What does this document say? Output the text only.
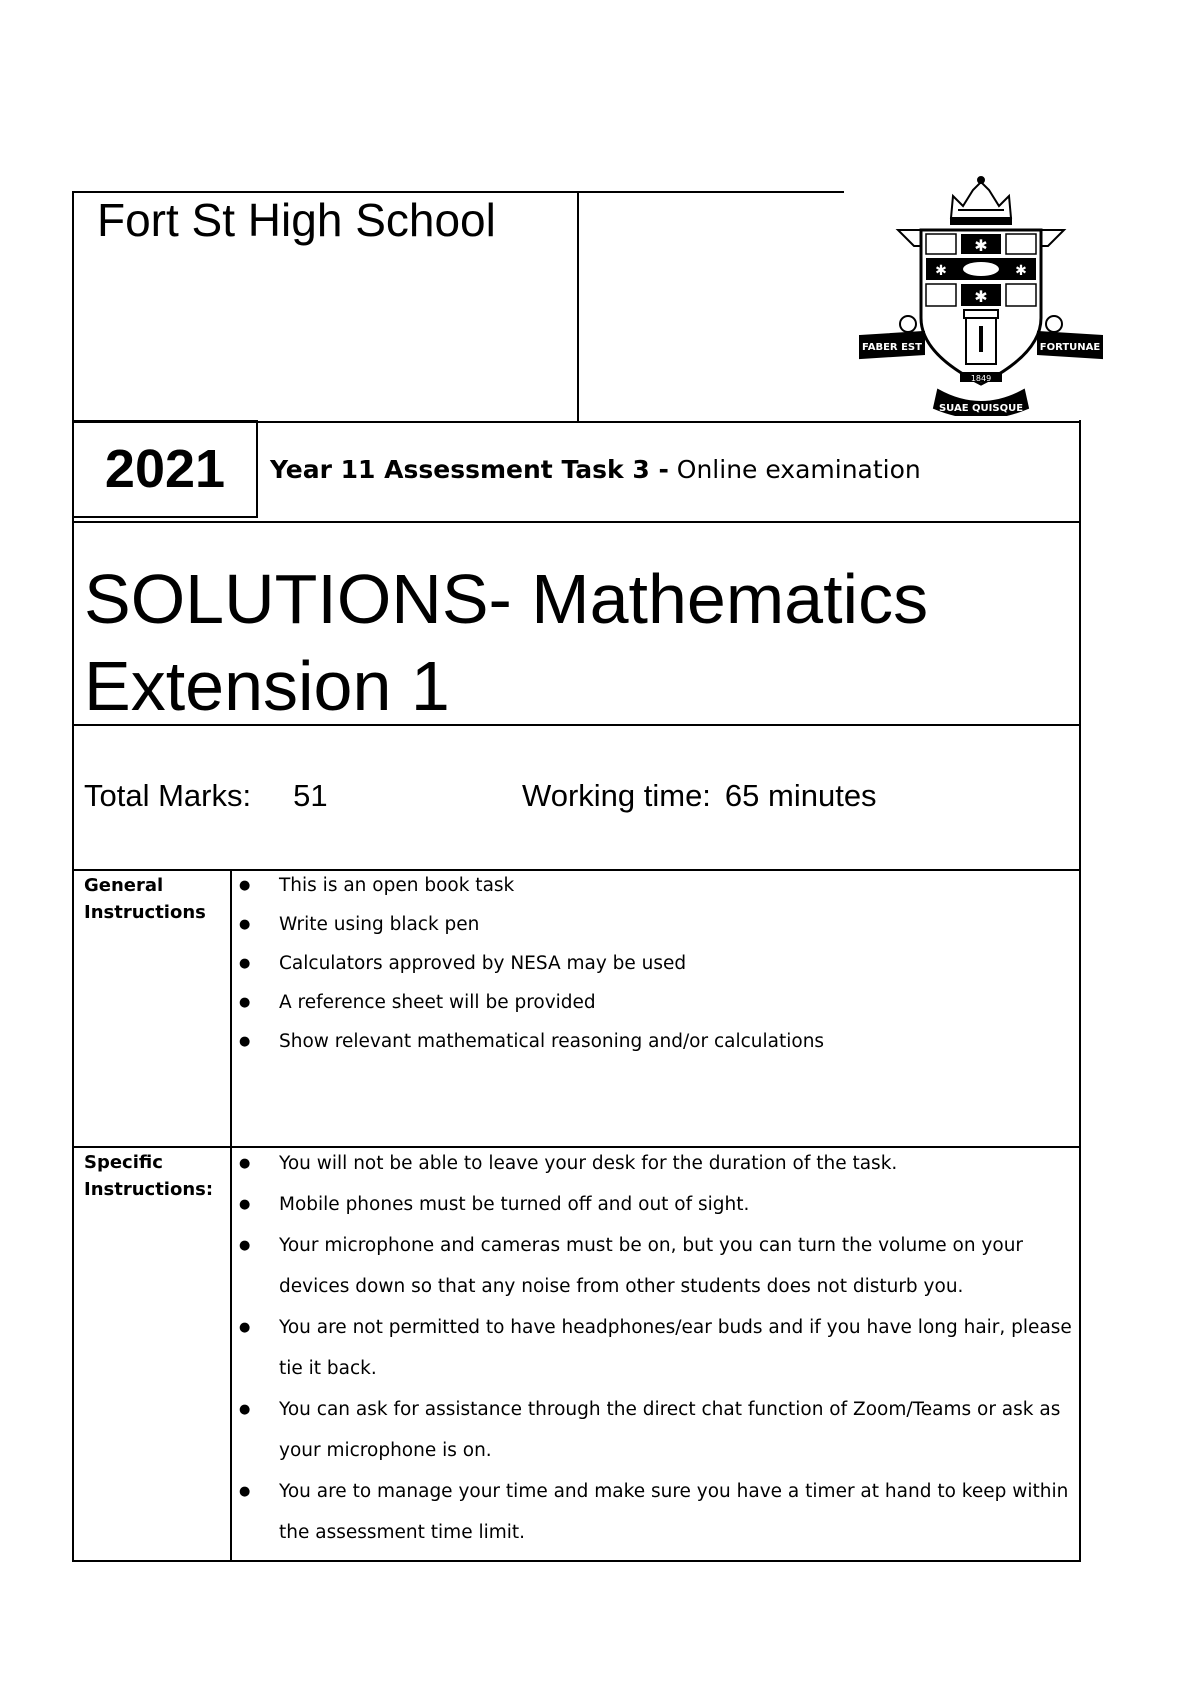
Fort St High School	✱
✱	✱
✱
FABER EST	FORTUNAE
SUAE QUISQUE
1849
2021 Year 11 Assessment Task 3 - Online examination
SOLUTIONS- Mathematics
Extension 1
Total Marks: 51	Working time: 65 minutes
General
Instructions
● This is an open book task
● Write using black pen
● Calculators approved by NESA may be used
● A reference sheet will be provided
● Show relevant mathematical reasoning and/or calculations
Specific
Instructions:
● You will not be able to leave your desk for the duration of the task.
● Mobile phones must be turned off and out of sight.
● Your microphone and cameras must be on, but you can turn the volume on your devices down so that any noise from other students does not disturb you.
● You are not permitted to have headphones/ear buds and if you have long hair, please tie it back.
● You can ask for assistance through the direct chat function of Zoom/Teams or ask as your microphone is on.
● You are to manage your time and make sure you have a timer at hand to keep within the assessment time limit.
